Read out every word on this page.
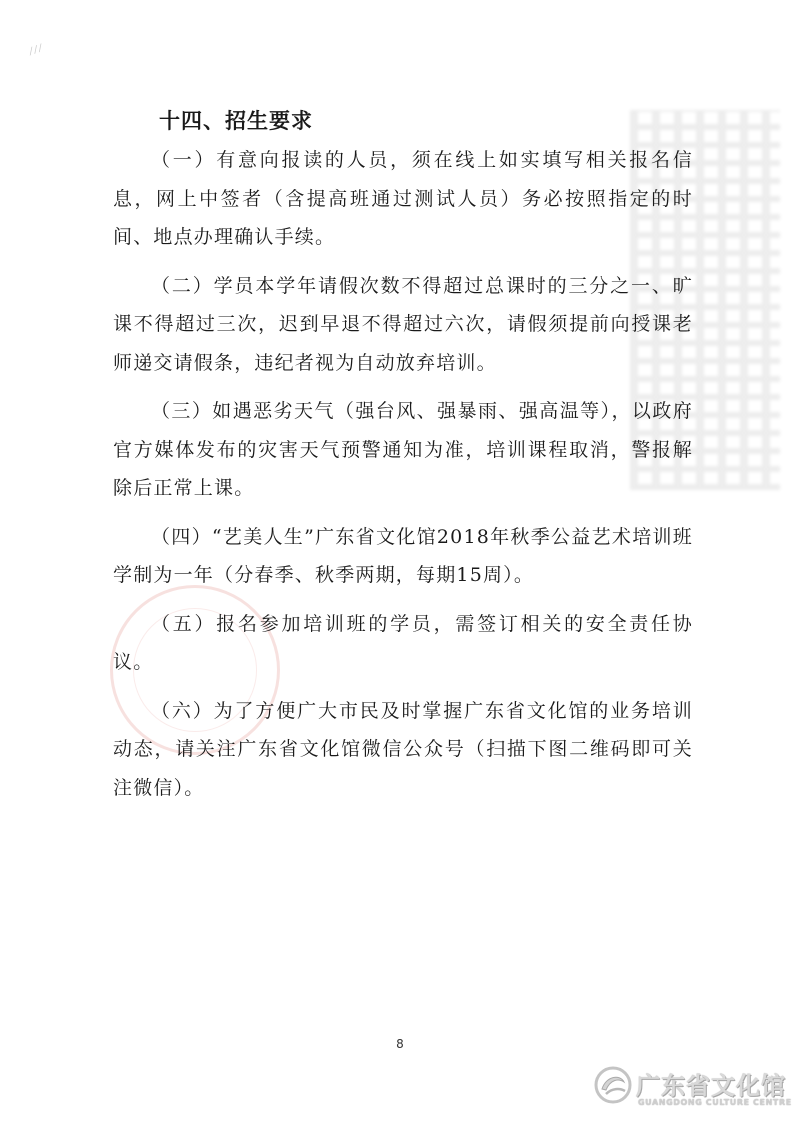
⁄ ⁄ ⁄
十四、招生要求

（一）有意向报读的人员，须在线上如实填写相关报名信息，网上中签者（含提高班通过测试人员）务必按照指定的时间、地点办理确认手续。

（二）学员本学年请假次数不得超过总课时的三分之一、旷课不得超过三次，迟到早退不得超过六次，请假须提前向授课老师递交请假条，违纪者视为自动放弃培训。

（三）如遇恶劣天气（强台风、强暴雨、强高温等），以政府官方媒体发布的灾害天气预警通知为准，培训课程取消，警报解除后正常上课。

（四）“艺美人生”广东省文化馆2018年秋季公益艺术培训班学制为一年（分春季、秋季两期，每期15周）。

（五）报名参加培训班的学员，需签订相关的安全责任协议。

（六）为了方便广大市民及时掌握广东省文化馆的业务培训动态，请关注广东省文化馆微信公众号（扫描下图二维码即可关注微信）。

8
广东省文化馆
GUANGDONG CULTURE CENTRE
